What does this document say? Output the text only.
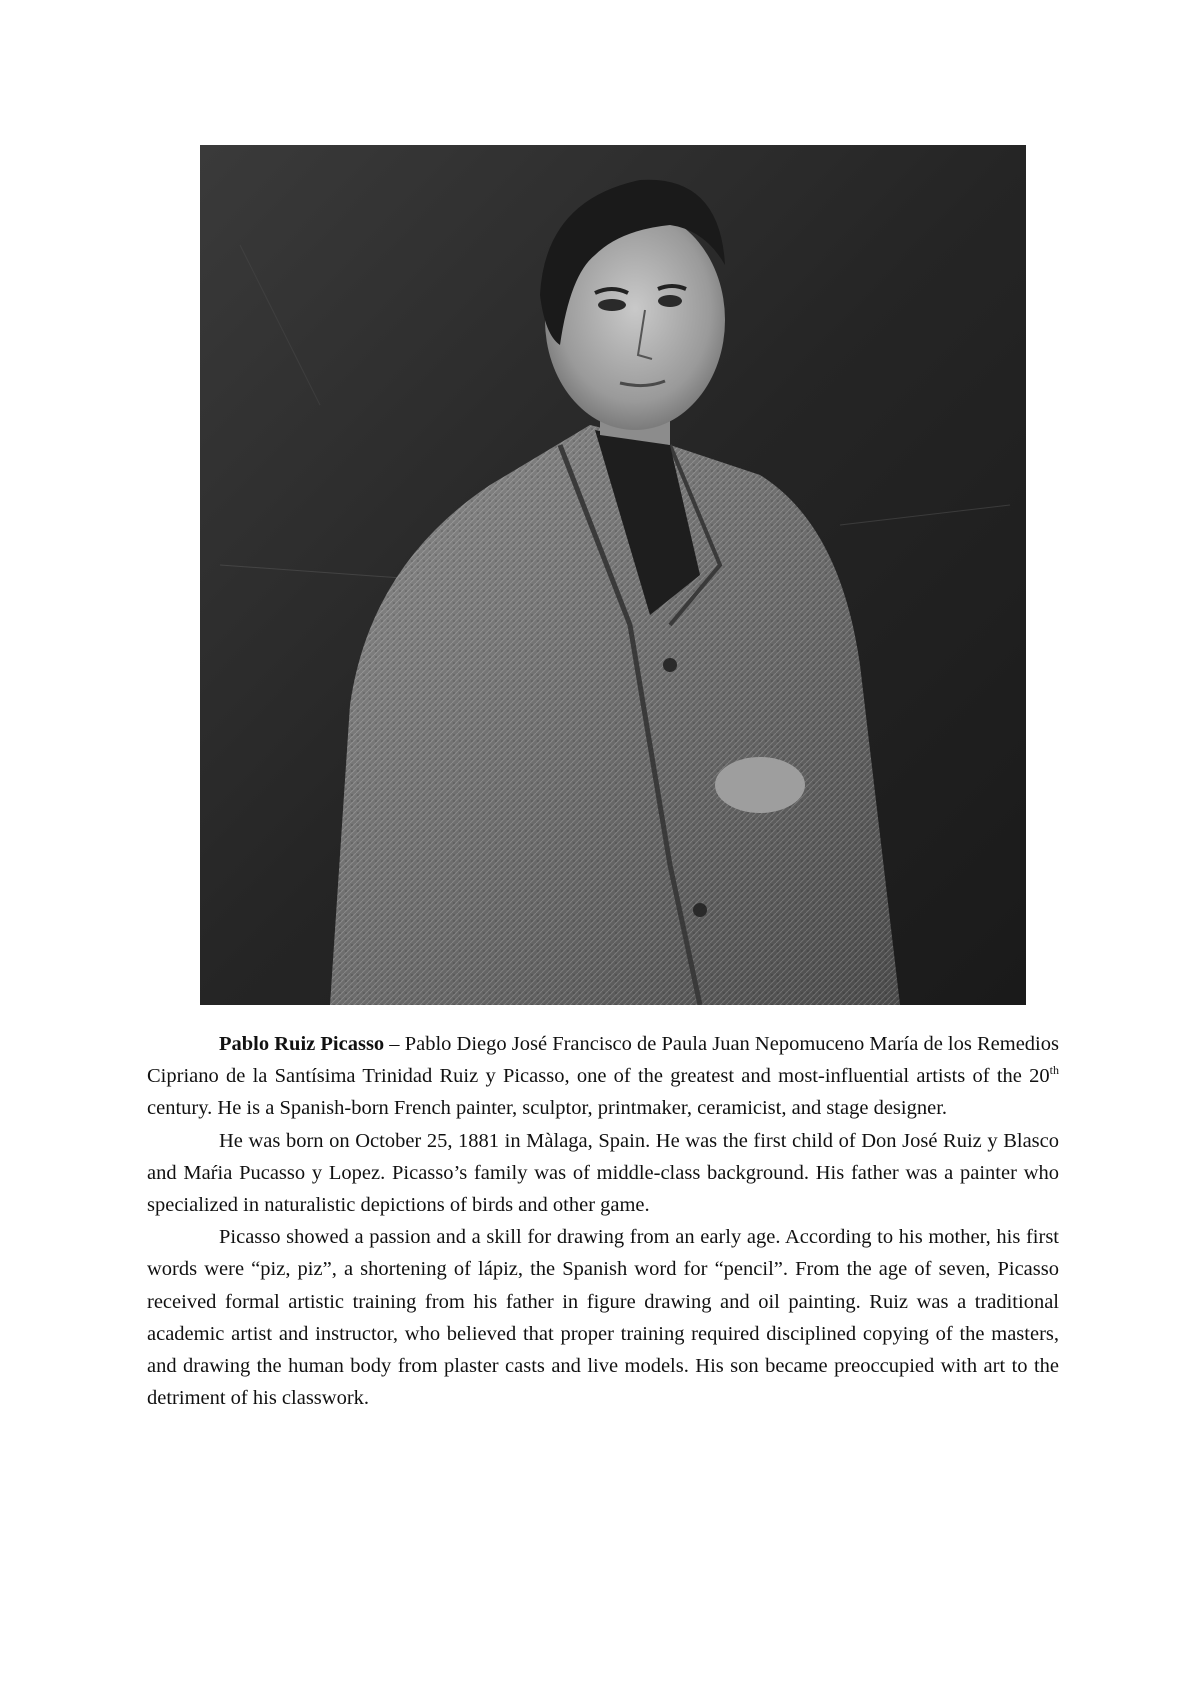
Pablo Ruiz Picasso – Pablo Diego José Francisco de Paula Juan Nepomuceno María de los Remedios Cipriano de la Santísima Trinidad Ruiz y Picasso, one of the greatest and most-influential artists of the 20th century. He is a Spanish-born French painter, sculptor, printmaker, ceramicist, and stage designer.

He was born on October 25, 1881 in Màlaga, Spain. He was the first child of Don José Ruiz y Blasco and Maŕia Pucasso y Lopez. Picasso’s family was of middle-class background. His father was a painter who specialized in naturalistic depictions of birds and other game.

Picasso showed a passion and a skill for drawing from an early age. According to his mother, his first words were “piz, piz”, a shortening of lápiz, the Spanish word for “pencil”. From the age of seven, Picasso received formal artistic training from his father in figure drawing and oil painting. Ruiz was a traditional academic artist and instructor, who believed that proper training required disciplined copying of the masters, and drawing the human body from plaster casts and live models. His son became preoccupied with art to the detriment of his classwork.
